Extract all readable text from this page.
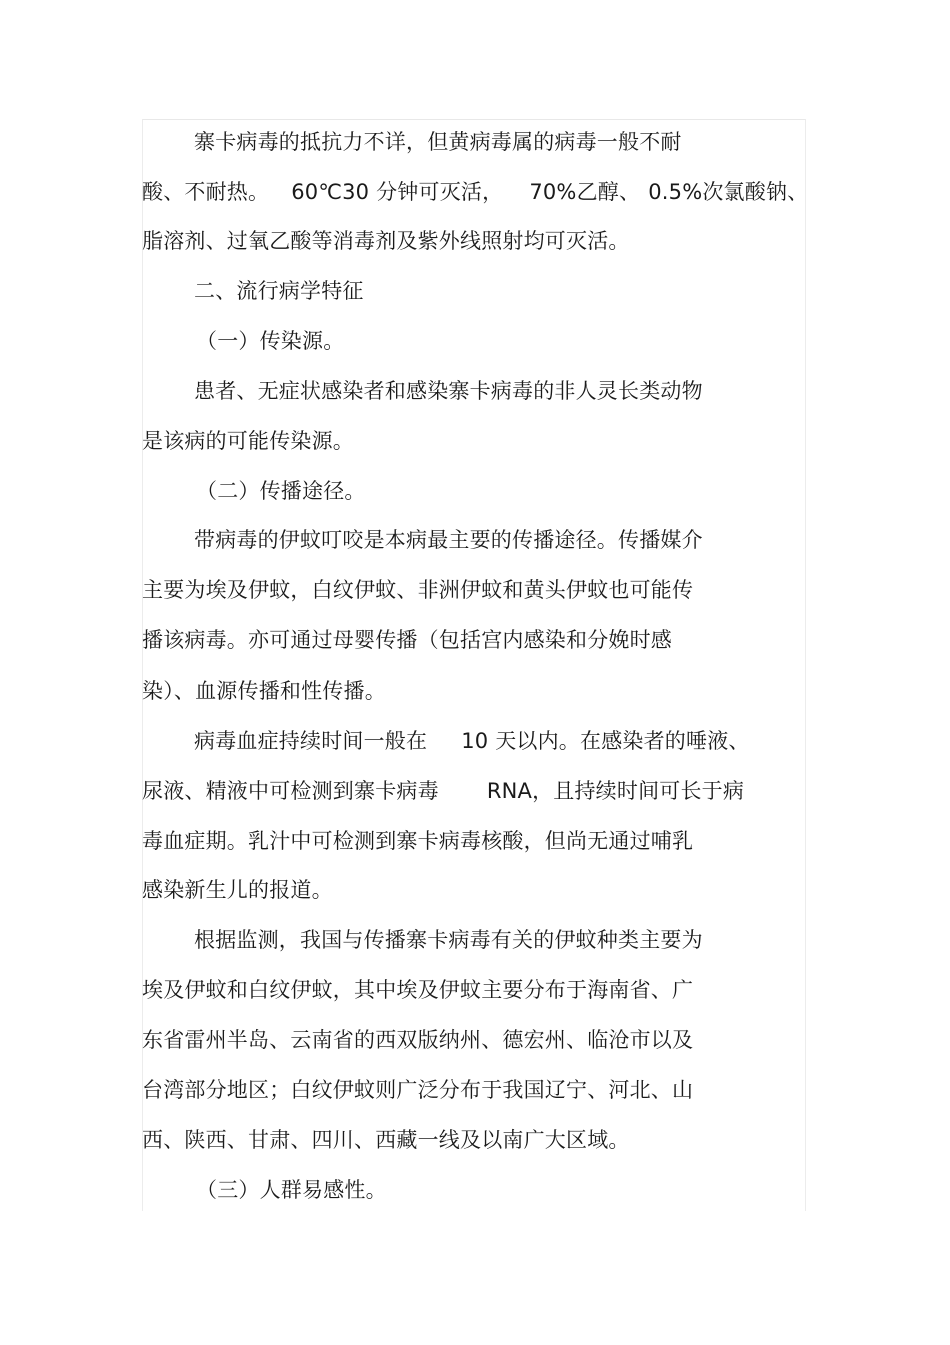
寨卡病毒的抵抗力不详，但黄病毒属的病毒一般不耐
酸、不耐热。 60℃30 分钟可灭活， 70%乙醇、 0.5%次氯酸钠、
脂溶剂、过氧乙酸等消毒剂及紫外线照射均可灭活。
二、流行病学特征
（一）传染源。
患者、无症状感染者和感染寨卡病毒的非人灵长类动物
是该病的可能传染源。
（二）传播途径。
带病毒的伊蚊叮咬是本病最主要的传播途径。传播媒介
主要为埃及伊蚊，白纹伊蚊、非洲伊蚊和黄头伊蚊也可能传
播该病毒。亦可通过母婴传播（包括宫内感染和分娩时感
染）、血源传播和性传播。
病毒血症持续时间一般在 10 天以内。在感染者的唾液、
尿液、精液中可检测到寨卡病毒 RNA，且持续时间可长于病
毒血症期。乳汁中可检测到寨卡病毒核酸，但尚无通过哺乳
感染新生儿的报道。
根据监测，我国与传播寨卡病毒有关的伊蚊种类主要为
埃及伊蚊和白纹伊蚊，其中埃及伊蚊主要分布于海南省、广
东省雷州半岛、云南省的西双版纳州、德宏州、临沧市以及
台湾部分地区；白纹伊蚊则广泛分布于我国辽宁、河北、山
西、陕西、甘肃、四川、西藏一线及以南广大区域。
（三）人群易感性。
